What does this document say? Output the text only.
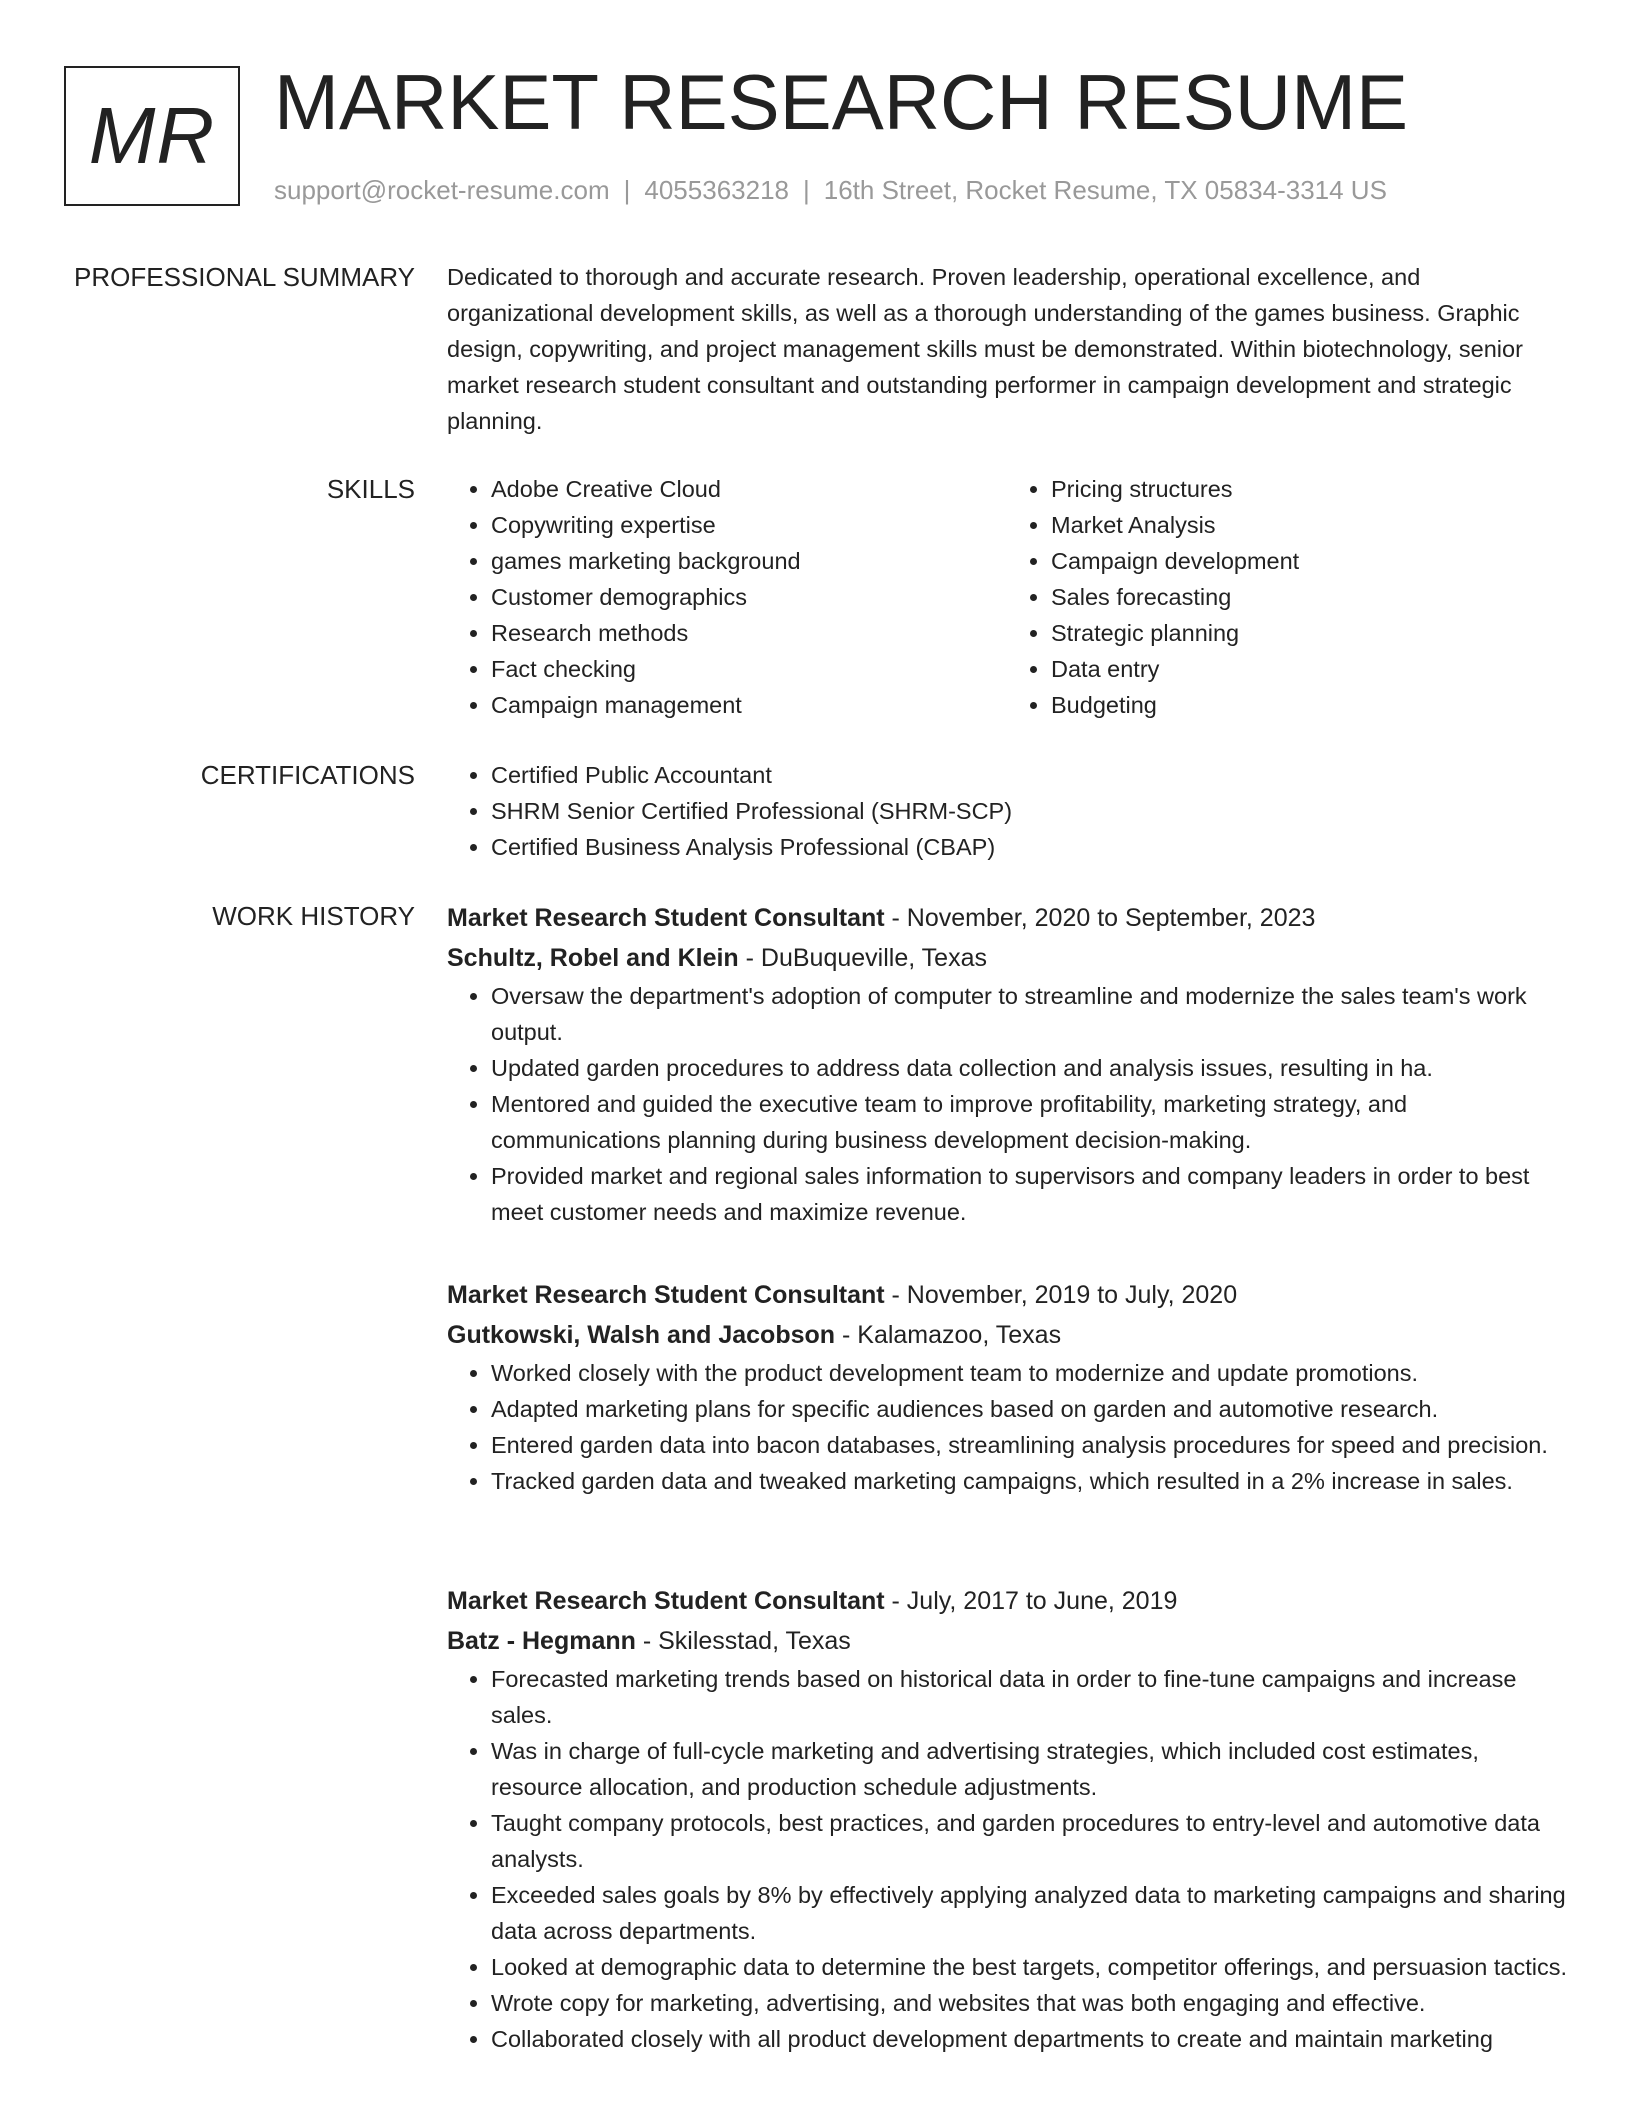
MR MARKET RESEARCH RESUME
support@rocket-resume.com | 4055363218 | 16th Street, Rocket Resume, TX 05834-3314 US
PROFESSIONAL SUMMARY Dedicated to thorough and accurate research. Proven leadership, operational excellence, and organizational development skills, as well as a thorough understanding of the games business. Graphic design, copywriting, and project management skills must be demonstrated. Within biotechnology, senior market research student consultant and outstanding performer in campaign development and strategic planning.

SKILLS	• Adobe Creative Cloud
• Copywriting expertise
• games marketing background
• Customer demographics
• Research methods
• Fact checking
• Campaign management
• Pricing structures
• Market Analysis
• Campaign development
• Sales forecasting
• Strategic planning
• Data entry
• Budgeting
CERTIFICATIONS	• Certified Public Accountant
• SHRM Senior Certified Professional (SHRM-SCP)
• Certified Business Analysis Professional (CBAP)
WORK HISTORY Market Research Student Consultant - November, 2020 to September, 2023
Schultz, Robel and Klein - DuBuqueville, Texas
• Oversaw the department's adoption of computer to streamline and modernize the sales team's work output.
• Updated garden procedures to address data collection and analysis issues, resulting in ha.
• Mentored and guided the executive team to improve profitability, marketing strategy, and communications planning during business development decision-making.
• Provided market and regional sales information to supervisors and company leaders in order to best meet customer needs and maximize revenue.
Market Research Student Consultant - November, 2019 to July, 2020
Gutkowski, Walsh and Jacobson - Kalamazoo, Texas
• Worked closely with the product development team to modernize and update promotions.
• Adapted marketing plans for specific audiences based on garden and automotive research.
• Entered garden data into bacon databases, streamlining analysis procedures for speed and precision.
• Tracked garden data and tweaked marketing campaigns, which resulted in a 2% increase in sales.
Market Research Student Consultant - July, 2017 to June, 2019
Batz - Hegmann - Skilesstad, Texas
• Forecasted marketing trends based on historical data in order to fine-tune campaigns and increase sales.
• Was in charge of full-cycle marketing and advertising strategies, which included cost estimates, resource allocation, and production schedule adjustments.
• Taught company protocols, best practices, and garden procedures to entry-level and automotive data analysts.
• Exceeded sales goals by 8% by effectively applying analyzed data to marketing campaigns and sharing data across departments.
• Looked at demographic data to determine the best targets, competitor offerings, and persuasion tactics.
• Wrote copy for marketing, advertising, and websites that was both engaging and effective.
• Collaborated closely with all product development departments to create and maintain marketing
